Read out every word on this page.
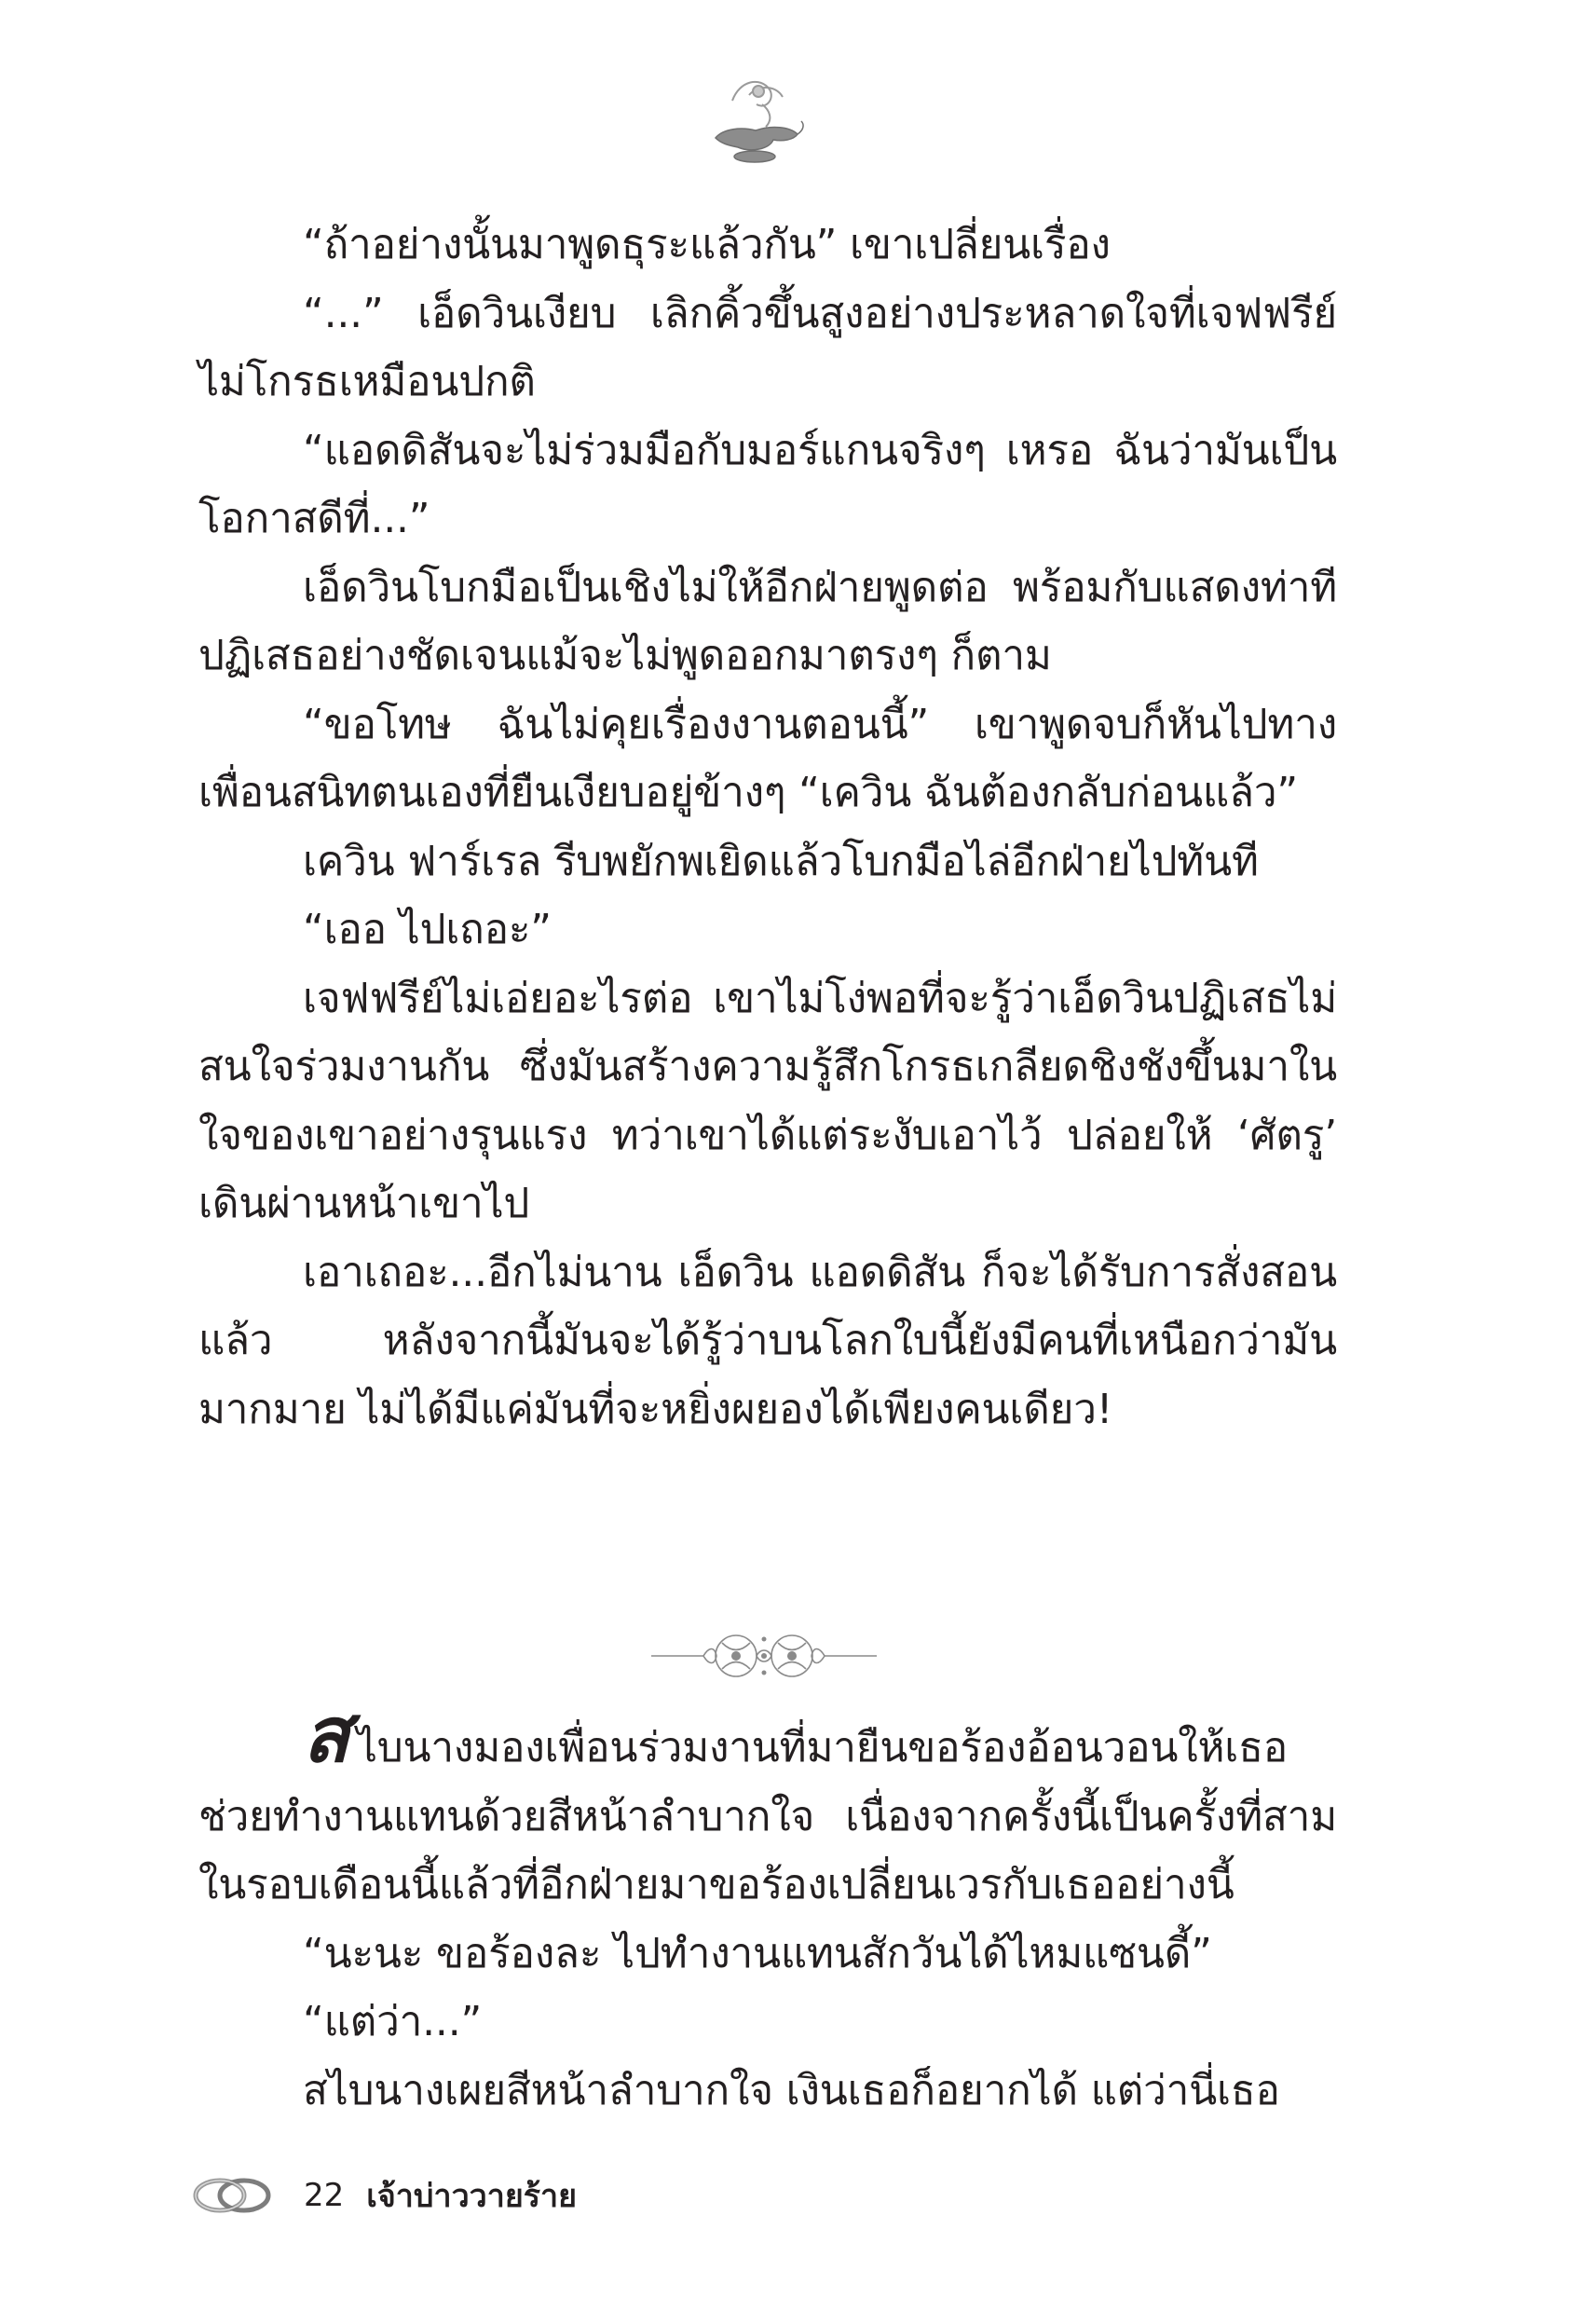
“ถ้าอย่างนั้นมาพูดธุระแล้วกัน” เขาเปลี่ยนเรื่อง

“...” เอ็ดวินเงียบ เลิกคิ้วขึ้นสูงอย่างประหลาดใจที่เจฟฟรีย์ไม่โกรธเหมือนปกติ

“แอดดิสันจะไม่ร่วมมือกับมอร์แกนจริงๆ เหรอ ฉันว่ามันเป็นโอกาสดีที่...”

เอ็ดวินโบกมือเป็นเชิงไม่ให้อีกฝ่ายพูดต่อ พร้อมกับแสดงท่าทีปฏิเสธอย่างชัดเจนแม้จะไม่พูดออกมาตรงๆ ก็ตาม

“ขอโทษ ฉันไม่คุยเรื่องงานตอนนี้” เขาพูดจบก็หันไปทางเพื่อนสนิทตนเองที่ยืนเงียบอยู่ข้างๆ “เควิน ฉันต้องกลับก่อนแล้ว”

เควิน ฟาร์เรล รีบพยักพเยิดแล้วโบกมือไล่อีกฝ่ายไปทันที

“เออ ไปเถอะ”

เจฟฟรีย์ไม่เอ่ยอะไรต่อ เขาไม่โง่พอที่จะรู้ว่าเอ็ดวินปฏิเสธไม่สนใจร่วมงานกัน ซึ่งมันสร้างความรู้สึกโกรธเกลียดชิงชังขึ้นมาในใจของเขาอย่างรุนแรง ทว่าเขาได้แต่ระงับเอาไว้ ปล่อยให้ ‘ศัตรู’ เดินผ่านหน้าเขาไป

เอาเถอะ...อีกไม่นาน เอ็ดวิน แอดดิสัน ก็จะได้รับการสั่งสอนแล้ว หลังจากนี้มันจะได้รู้ว่าบนโลกใบนี้ยังมีคนที่เหนือกว่ามันมากมาย ไม่ได้มีแค่มันที่จะหยิ่งผยองได้เพียงคนเดียว!

สไบนางมองเพื่อนร่วมงานที่มายืนขอร้องอ้อนวอนให้เธอช่วยทำงานแทนด้วยสีหน้าลำบากใจ เนื่องจากครั้งนี้เป็นครั้งที่สามในรอบเดือนนี้แล้วที่อีกฝ่ายมาขอร้องเปลี่ยนเวรกับเธออย่างนี้

“นะนะ ขอร้องละ ไปทำงานแทนสักวันได้ไหมแซนดี้”

“แต่ว่า...”

สไบนางเผยสีหน้าลำบากใจ เงินเธอก็อยากได้ แต่ว่านี่เธอ

22 เจ้าบ่าววายร้าย
